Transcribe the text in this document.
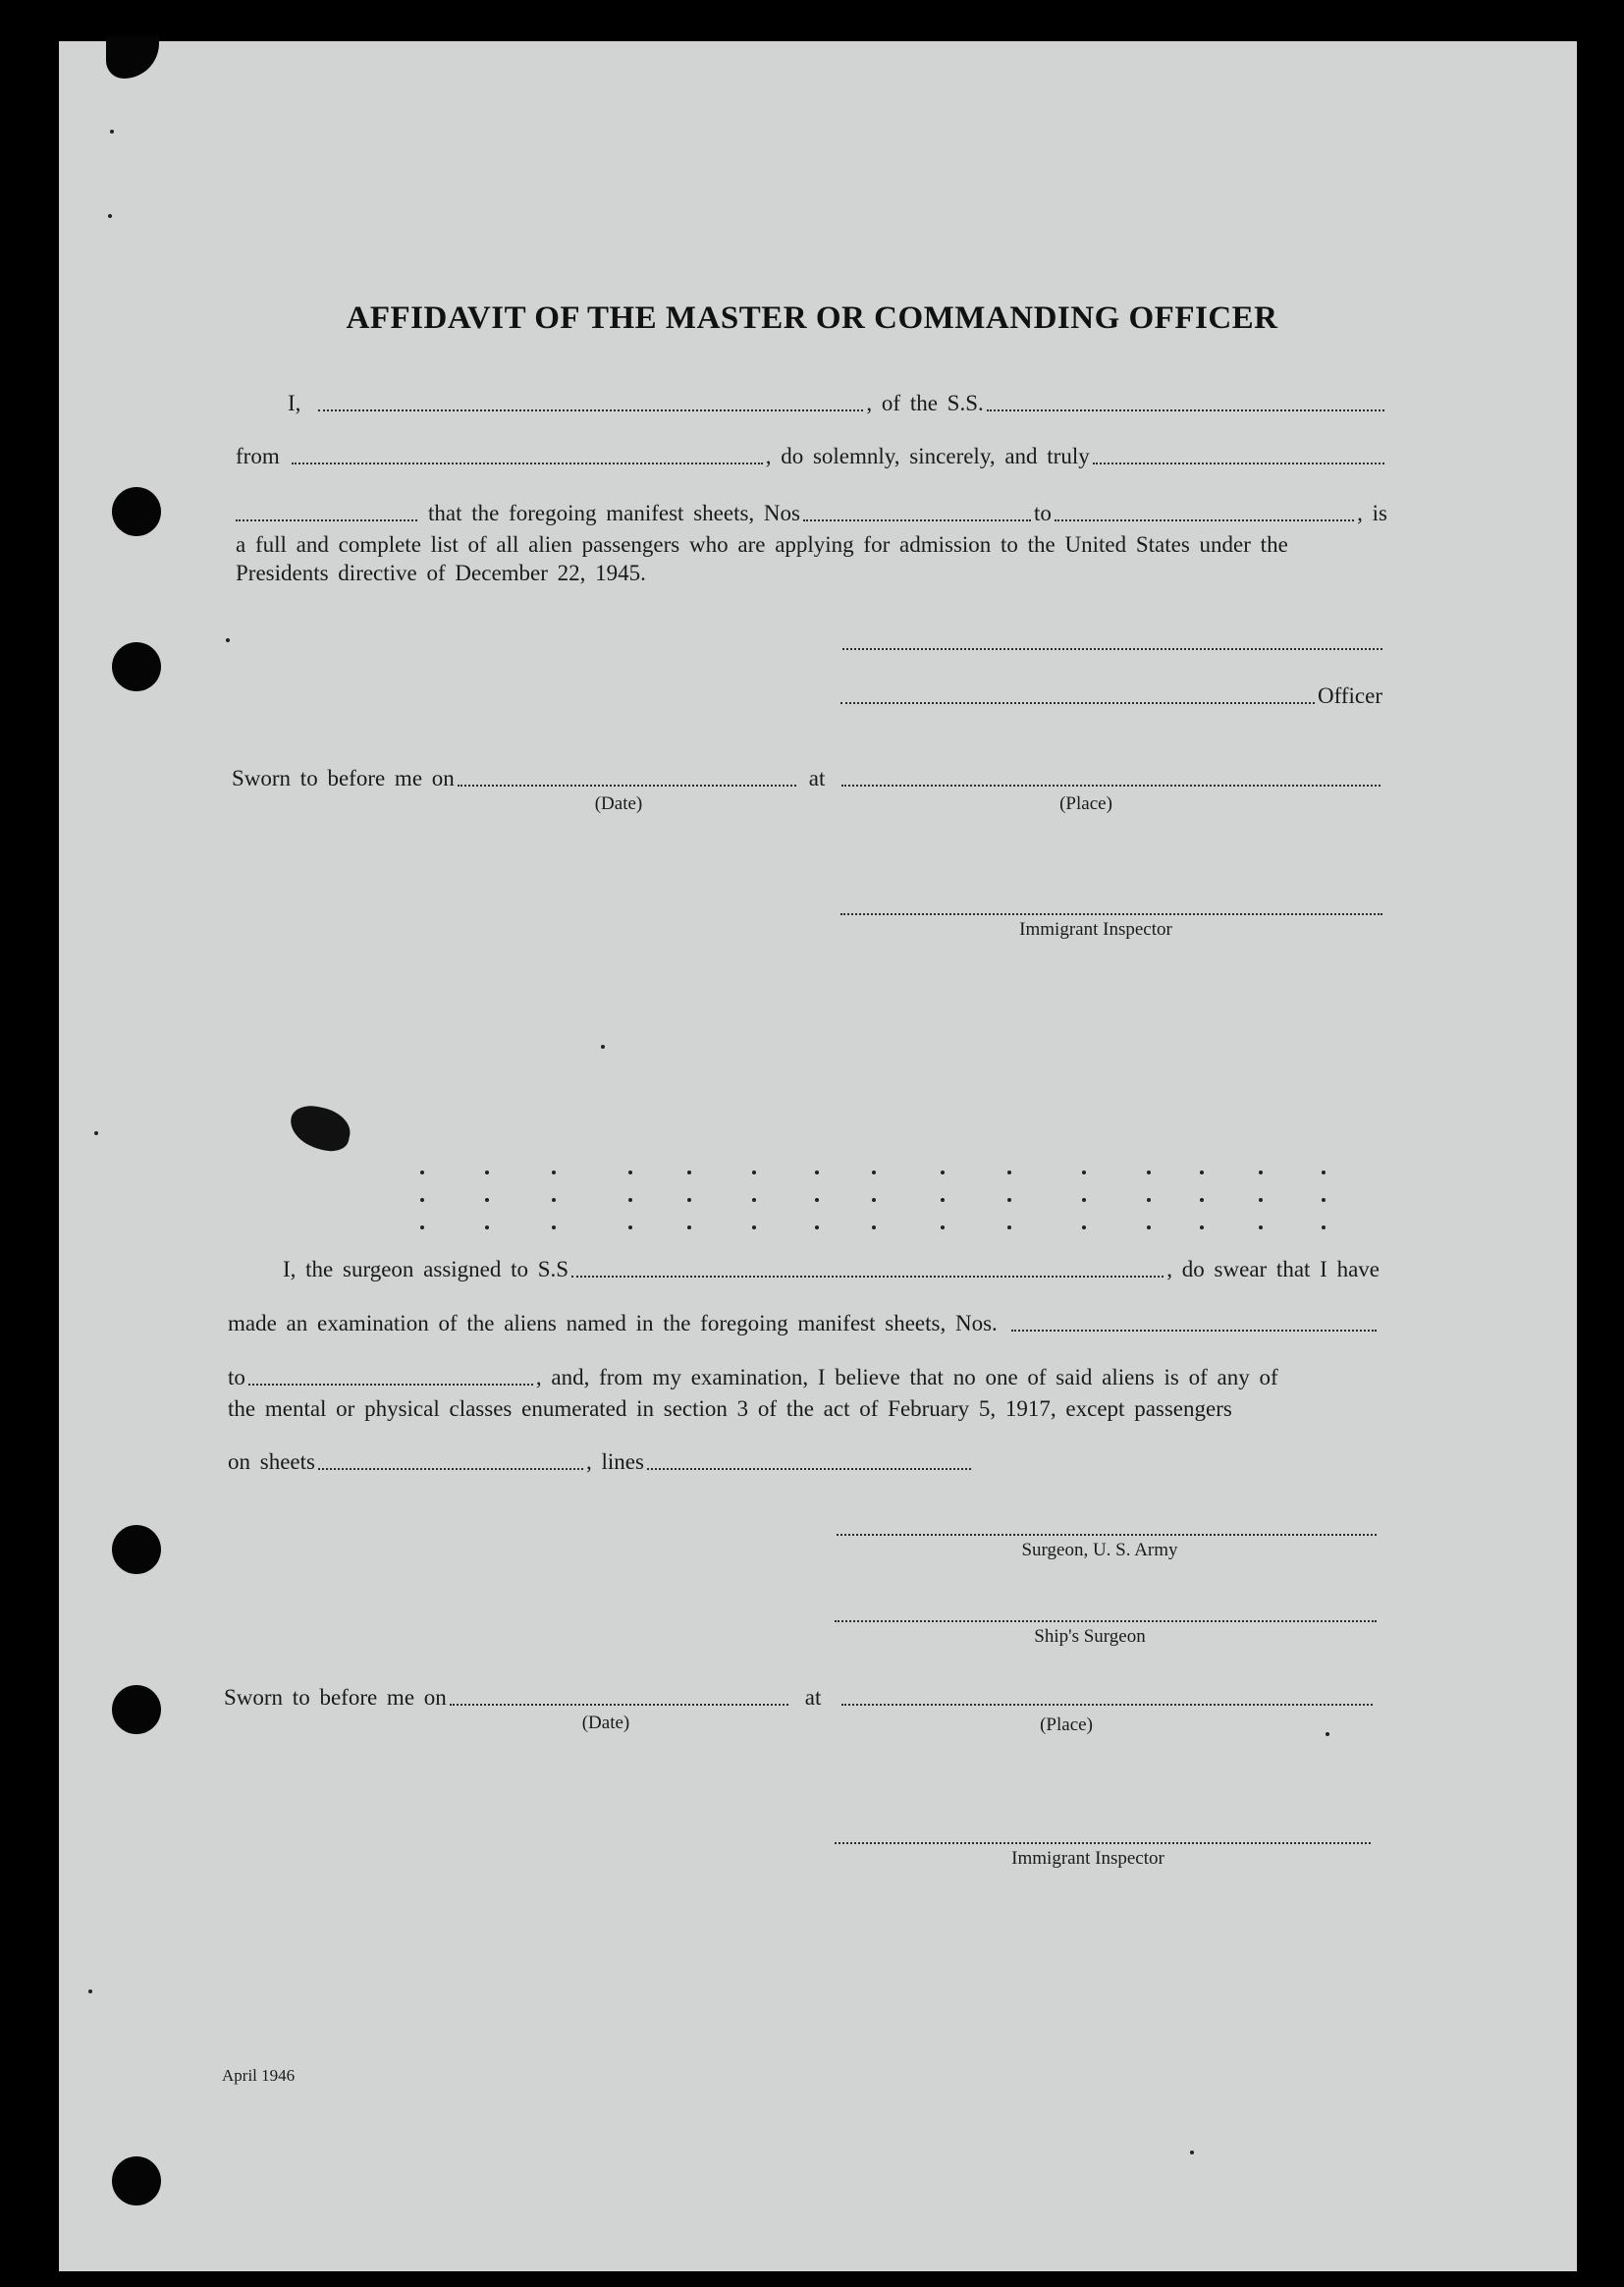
AFFIDAVIT OF THE MASTER OR COMMANDING OFFICER
I,	, of the S.S.
from	, do solemnly, sincerely, and truly
that the foregoing manifest sheets, Nos	to	, is
a full and complete list of all alien passengers who are applying for admission to the United States under the Presidents directive of December 22, 1945.
Officer
Sworn to before me on	at
(Date)	(Place)
Immigrant Inspector
I, the surgeon assigned to S.S	, do swear that I have
made an examination of the aliens named in the foregoing manifest sheets, Nos.
to	, and, from my examination, I believe that no one of said aliens is of any of
the mental or physical classes enumerated in section 3 of the act of February 5, 1917, except passengers
on sheets	, lines
Surgeon, U. S. Army
Ship's Surgeon
Sworn to before me on	at
(Date)	(Place)
Immigrant Inspector
April 1946
